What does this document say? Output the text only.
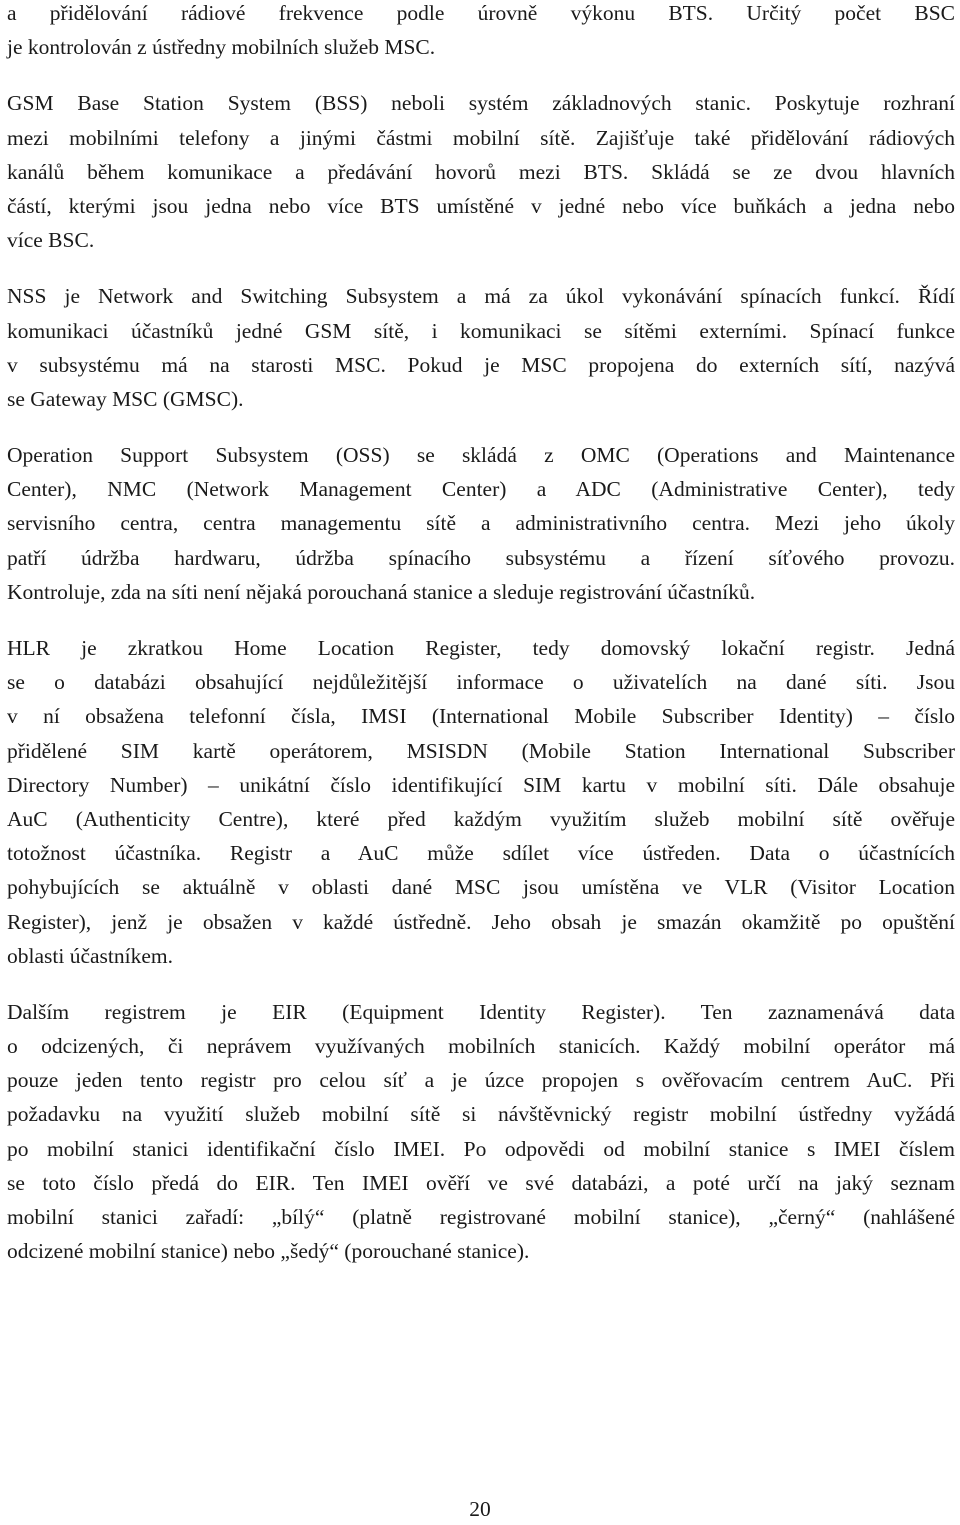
a přidělování rádiové frekvence podle úrovně výkonu BTS. Určitý počet BSC
je kontrolován z ústředny mobilních služeb MSC.
GSM Base Station System (BSS) neboli systém základnových stanic. Poskytuje rozhraní
mezi mobilními telefony a jinými částmi mobilní sítě. Zajišťuje také přidělování rádiových
kanálů během komunikace a předávání hovorů mezi BTS. Skládá se ze dvou hlavních
částí, kterými jsou jedna nebo více BTS umístěné v jedné nebo více buňkách a jedna nebo
více BSC.
NSS je Network and Switching Subsystem a má za úkol vykonávání spínacích funkcí. Řídí
komunikaci účastníků jedné GSM sítě, i komunikaci se sítěmi externími. Spínací funkce
v subsystému má na starosti MSC. Pokud je MSC propojena do externích sítí, nazývá
se Gateway MSC (GMSC).
Operation Support Subsystem (OSS) se skládá z OMC (Operations and Maintenance
Center), NMC (Network Management Center) a ADC (Administrative Center), tedy
servisního centra, centra managementu sítě a administrativního centra. Mezi jeho úkoly
patří údržba hardwaru, údržba spínacího subsystému a řízení síťového provozu.
Kontroluje, zda na síti není nějaká porouchaná stanice a sleduje registrování účastníků.
HLR je zkratkou Home Location Register, tedy domovský lokační registr. Jedná
se o databázi obsahující nejdůležitější informace o uživatelích na dané síti. Jsou
v ní obsažena telefonní čísla, IMSI (International Mobile Subscriber Identity) – číslo
přidělené SIM kartě operátorem, MSISDN (Mobile Station International Subscriber
Directory Number) – unikátní číslo identifikující SIM kartu v mobilní síti. Dále obsahuje
AuC (Authenticity Centre), které před každým využitím služeb mobilní sítě ověřuje
totožnost účastníka. Registr a AuC může sdílet více ústředen. Data o účastnících
pohybujících se aktuálně v oblasti dané MSC jsou umístěna ve VLR (Visitor Location
Register), jenž je obsažen v každé ústředně. Jeho obsah je smazán okamžitě po opuštění
oblasti účastníkem.
Dalším registrem je EIR (Equipment Identity Register). Ten zaznamenává data
o odcizených, či neprávem využívaných mobilních stanicích. Každý mobilní operátor má
pouze jeden tento registr pro celou síť a je úzce propojen s ověřovacím centrem AuC. Při
požadavku na využití služeb mobilní sítě si návštěvnický registr mobilní ústředny vyžádá
po mobilní stanici identifikační číslo IMEI. Po odpovědi od mobilní stanice s IMEI číslem
se toto číslo předá do EIR. Ten IMEI ověří ve své databázi, a poté určí na jaký seznam
mobilní stanici zařadí: „bílý“ (platně registrované mobilní stanice), „černý“ (nahlášené
odcizené mobilní stanice) nebo „šedý“ (porouchané stanice).
20
